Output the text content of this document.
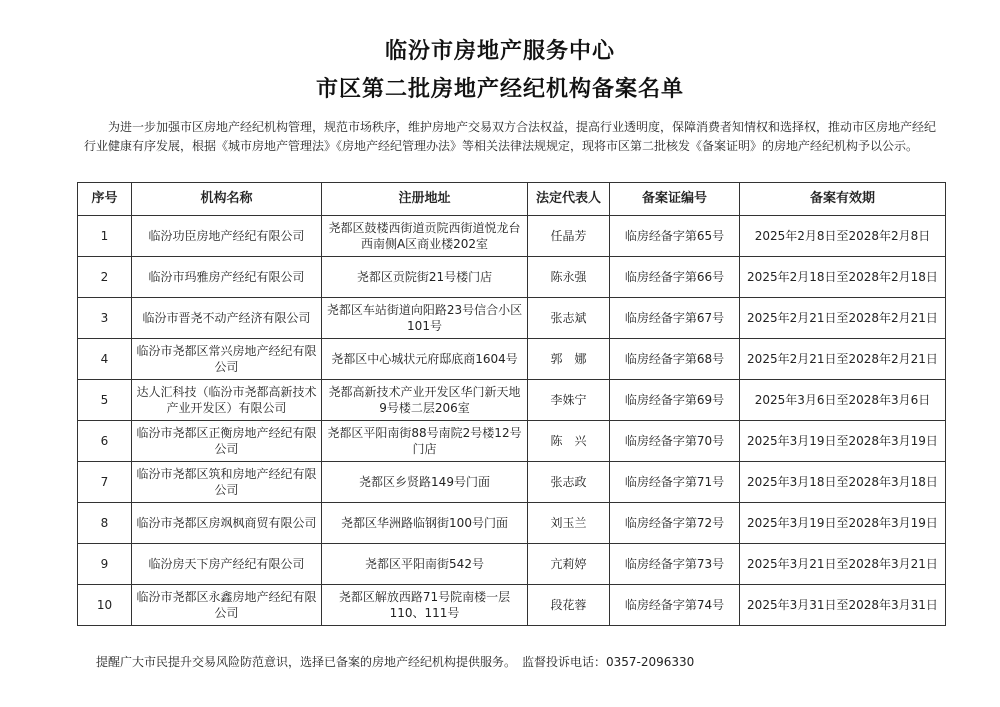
临汾市房地产服务中心
市区第二批房地产经纪机构备案名单
为进一步加强市区房地产经纪机构管理，规范市场秩序，维护房地产交易双方合法权益，提高行业透明度，保障消费者知情权和选择权，推动市区房地产经纪行业健康有序发展，根据《城市房地产管理法》《房地产经纪管理办法》等相关法律法规规定，现将市区第二批核发《备案证明》的房地产经纪机构予以公示。
序号	机构名称	注册地址	法定代表人	备案证编号	备案有效期
1	临汾功臣房地产经纪有限公司	尧都区鼓楼西街道贡院西街道悦龙台西南侧A区商业楼202室	任晶芳	临房经备字第65号	2025年2月8日至2028年2月8日
2	临汾市玛雅房产经纪有限公司	尧都区贡院街21号楼门店	陈永强	临房经备字第66号	2025年2月18日至2028年2月18日
3	临汾市晋尧不动产经济有限公司	尧都区车站街道向阳路23号信合小区101号	张志斌	临房经备字第67号	2025年2月21日至2028年2月21日
4	临汾市尧都区常兴房地产经纪有限公司	尧都区中心城状元府邸底商1604号	郭　娜	临房经备字第68号	2025年2月21日至2028年2月21日
5	达人汇科技（临汾市尧都高新技术产业开发区）有限公司	尧都高新技术产业开发区华门新天地9号楼二层206室	李姝宁	临房经备字第69号	2025年3月6日至2028年3月6日
6	临汾市尧都区正衡房地产经纪有限公司	尧都区平阳南街88号南院2号楼12号门店	陈　兴	临房经备字第70号	2025年3月19日至2028年3月19日
7	临汾市尧都区筑和房地产经纪有限公司	尧都区乡贤路149号门面	张志政	临房经备字第71号	2025年3月18日至2028年3月18日
8	临汾市尧都区房飒枫商贸有限公司	尧都区华洲路临钢街100号门面	刘玉兰	临房经备字第72号	2025年3月19日至2028年3月19日
9	临汾房天下房产经纪有限公司	尧都区平阳南街542号	亢莉婷	临房经备字第73号	2025年3月21日至2028年3月21日
10	临汾市尧都区永鑫房地产经纪有限公司	尧都区解放西路71号院南楼一层110、111号	段花蓉	临房经备字第74号	2025年3月31日至2028年3月31日
提醒广大市民提升交易风险防范意识，选择已备案的房地产经纪机构提供服务。　监督投诉电话：0357-2096330
